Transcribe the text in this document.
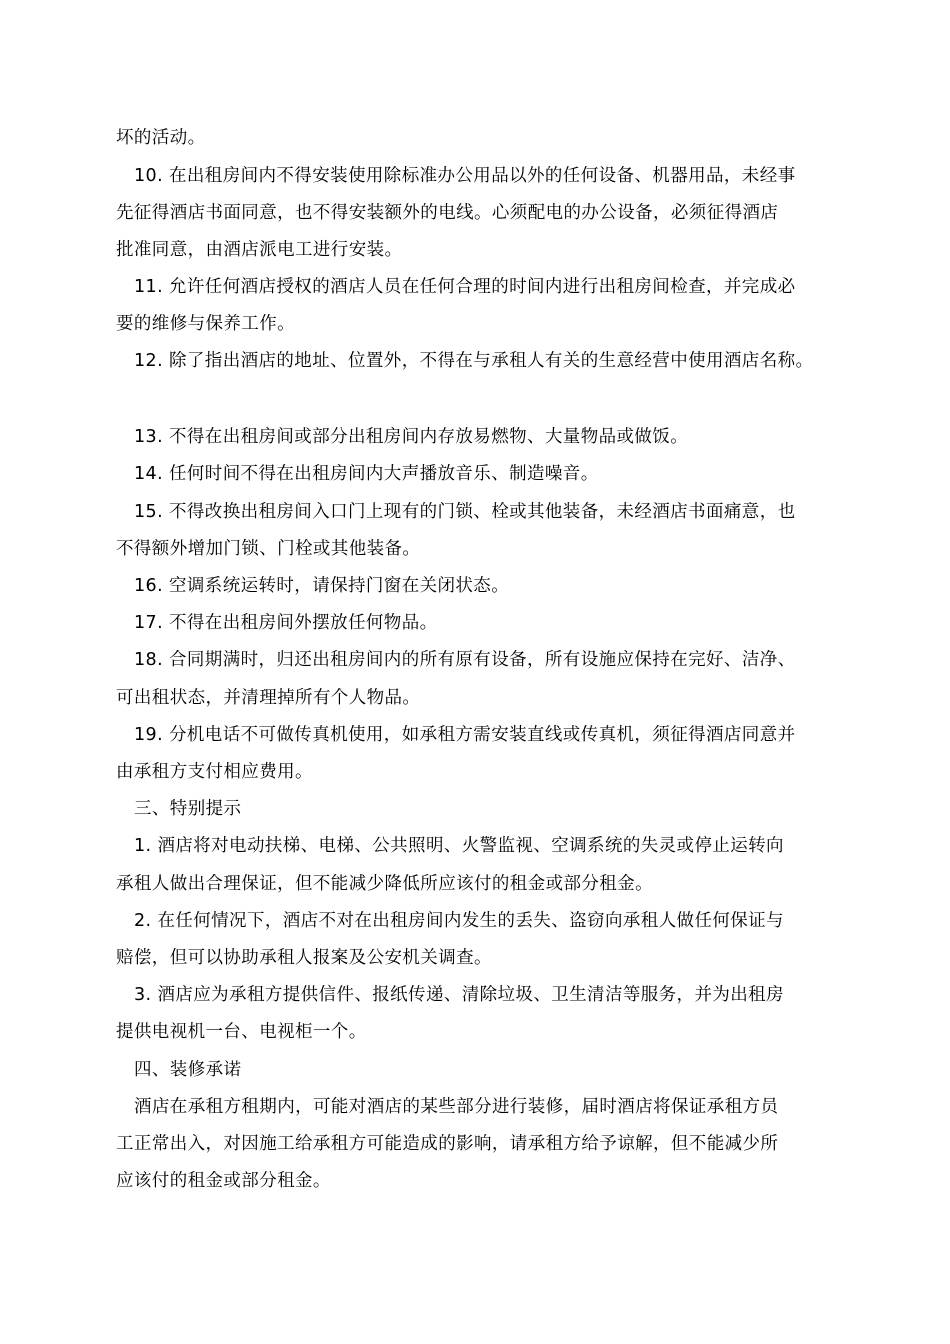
坏的活动。
10. 在出租房间内不得安装使用除标准办公用品以外的任何设备、机器用品，未经事
先征得酒店书面同意，也不得安装额外的电线。心须配电的办公设备，必须征得酒店
批准同意，由酒店派电工进行安装。
11. 允许任何酒店授权的酒店人员在任何合理的时间内进行出租房间检查，并完成必
要的维修与保养工作。
12. 除了指出酒店的地址、位置外，不得在与承租人有关的生意经营中使用酒店名称。
13. 不得在出租房间或部分出租房间内存放易燃物、大量物品或做饭。
14. 任何时间不得在出租房间内大声播放音乐、制造噪音。
15. 不得改换出租房间入口门上现有的门锁、栓或其他装备，未经酒店书面痛意，也
不得额外增加门锁、门栓或其他装备。
16. 空调系统运转时，请保持门窗在关闭状态。
17. 不得在出租房间外摆放任何物品。
18. 合同期满时，归还出租房间内的所有原有设备，所有设施应保持在完好、洁净、
可出租状态，并清理掉所有个人物品。
19. 分机电话不可做传真机使用，如承租方需安装直线或传真机，须征得酒店同意并
由承租方支付相应费用。
三、特别提示
1. 酒店将对电动扶梯、电梯、公共照明、火警监视、空调系统的失灵或停止运转向
承租人做出合理保证，但不能减少降低所应该付的租金或部分租金。
2. 在任何情况下，酒店不对在出租房间内发生的丢失、盗窃向承租人做任何保证与
赔偿，但可以协助承租人报案及公安机关调查。
3. 酒店应为承租方提供信件、报纸传递、清除垃圾、卫生清洁等服务，并为出租房
提供电视机一台、电视柜一个。
四、装修承诺
酒店在承租方租期内，可能对酒店的某些部分进行装修，届时酒店将保证承租方员
工正常出入，对因施工给承租方可能造成的影响，请承租方给予谅解，但不能减少所
应该付的租金或部分租金。
